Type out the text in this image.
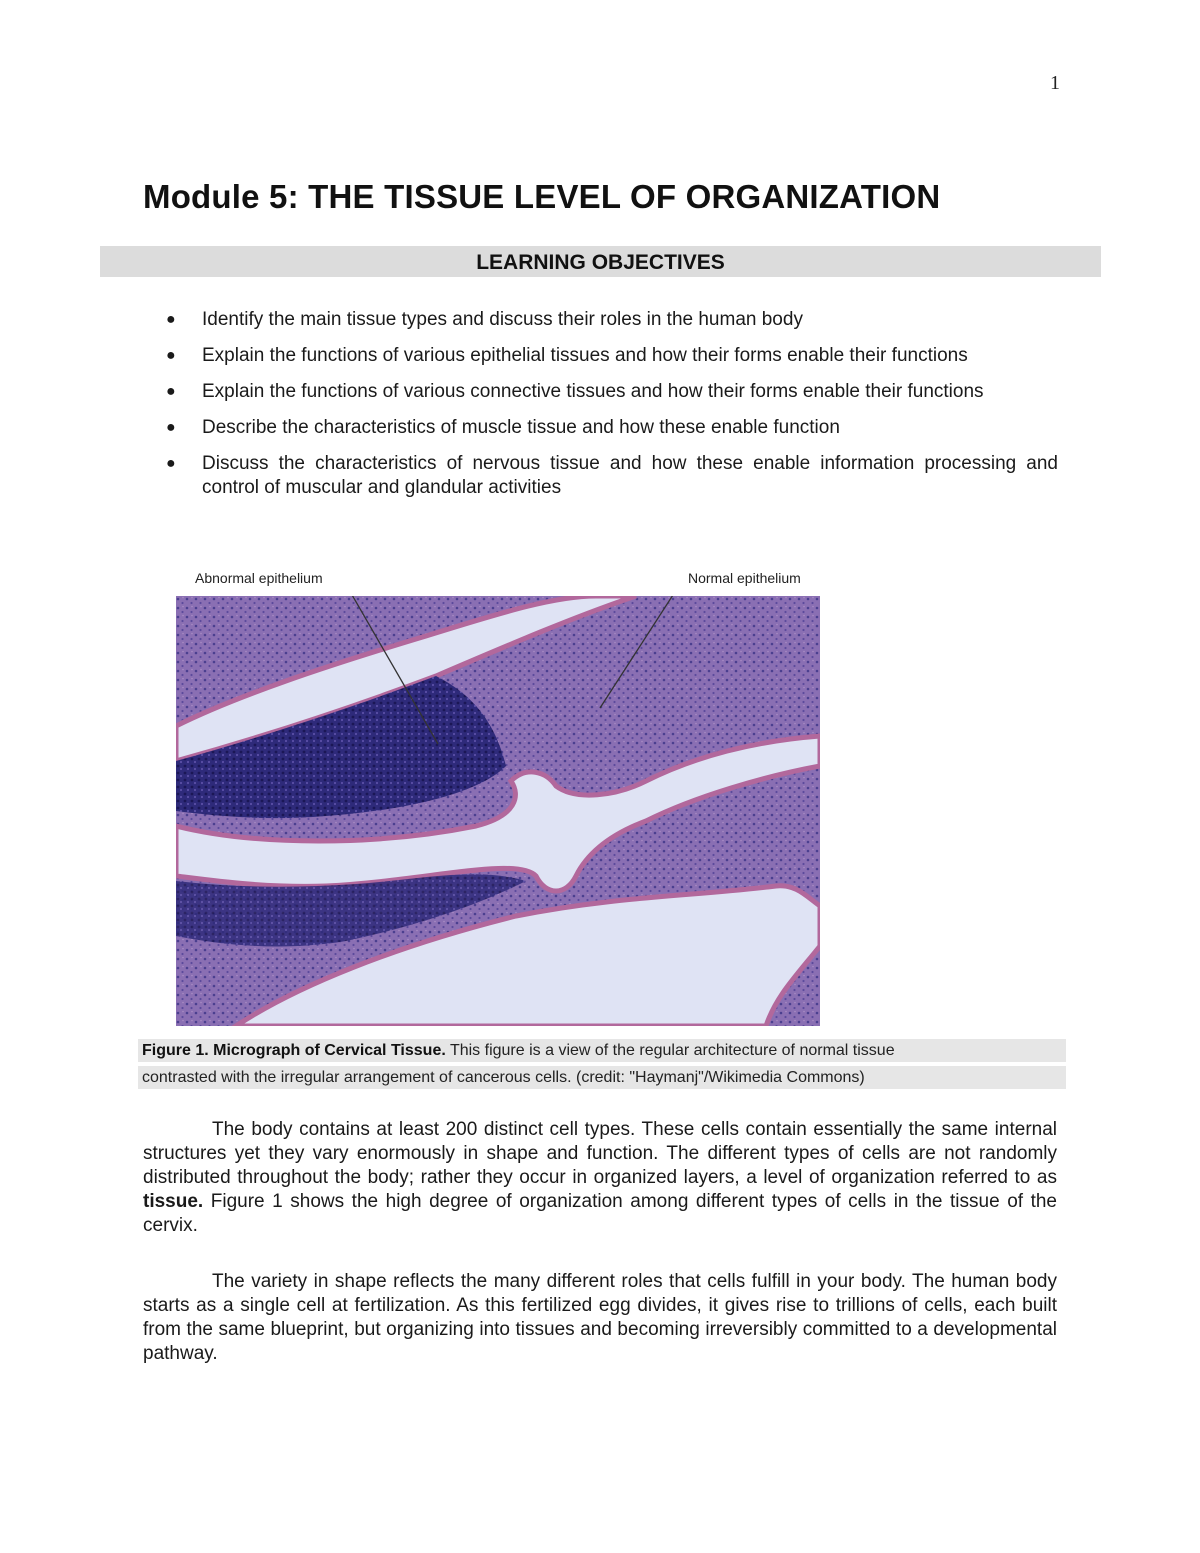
1
Module 5: THE TISSUE LEVEL OF ORGANIZATION
LEARNING OBJECTIVES
● Identify the main tissue types and discuss their roles in the human body
● Explain the functions of various epithelial tissues and how their forms enable their functions
● Explain the functions of various connective tissues and how their forms enable their functions
● Describe the characteristics of muscle tissue and how these enable function
● Discuss the characteristics of nervous tissue and how these enable information processing and control of muscular and glandular activities
Abnormal epithelium	Normal epithelium
Figure 1. Micrograph of Cervical Tissue. This figure is a view of the regular architecture of normal tissue
contrasted with the irregular arrangement of cancerous cells. (credit: "Haymanj"/Wikimedia Commons)

The body contains at least 200 distinct cell types. These cells contain essentially the same internal structures yet they vary enormously in shape and function. The different types of cells are not randomly distributed throughout the body; rather they occur in organized layers, a level of organization referred to as tissue. Figure 1 shows the high degree of organization among different types of cells in the tissue of the cervix.

The variety in shape reflects the many different roles that cells fulfill in your body. The human body starts as a single cell at fertilization. As this fertilized egg divides, it gives rise to trillions of cells, each built from the same blueprint, but organizing into tissues and becoming irreversibly committed to a developmental pathway.
